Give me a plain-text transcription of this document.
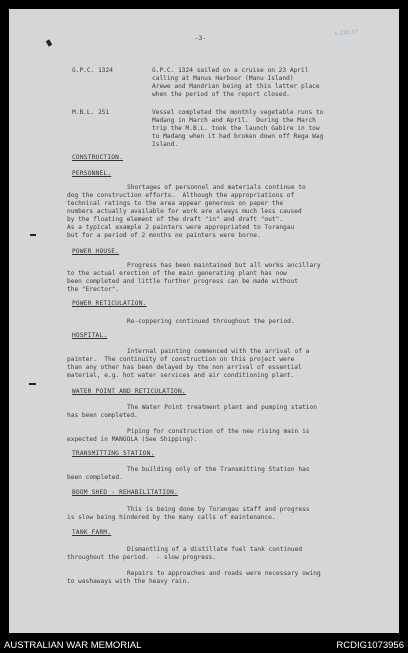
-3-
s.118.17
G.P.C. 1324	G.P.C. 1324 sailed on a cruise on 23 April
calling at Manus Harbour (Manu Island)
Arewe and Mandrian being at this latter place
when the period of the report closed.
M.B.L. 251	Vessel completed the monthly vegetable runs to
Madang in March and April.  During the March
trip the M.B.L. took the launch Gabire in tow
to Madang when it had broken down off Rega Wag
Island.
CONSTRUCTION.
PERSONNEL.
Shortages of personnel and materials continue to
dog the construction efforts.  Although the appropriations of
technical ratings to the area appear generous on paper the
numbers actually available for work are always much less caused
by the floating element of the draft "in" and draft "out".
As a typical example 2 painters were appropriated to Torangau
but for a period of 2 months no painters were borne.
POWER HOUSE.
Progress has been maintained but all works ancillary
to the actual erection of the main generating plant has now
been completed and little further progress can be made without
the "Erector".
POWER RETICULATION.
Re-coppering continued throughout the period.
HOSPITAL.
Internal painting commenced with the arrival of a
painter.  The continuity of construction on this project were
than any other has been delayed by the non arrival of essential
material, e.g. hot water services and air conditioning plant.
WATER POINT AND RETICULATION.
The Water Point treatment plant and pumping station
has been completed.
Piping for construction of the new rising main is
expected in MANGOLA (See Shipping).
TRANSMITTING STATION.
The building only of the Transmitting Station has
been completed.
BOOM SHED - REHABILITATION.
This is being done by Torangau staff and progress
is slow being hindered by the many calls of maintenance.
TANK FARM.
Dismantling of a distillate fuel tank continued
throughout the period.  - slow progress.
Repairs to approaches and roads were necessary owing
to washaways with the heavy rain.
AUSTRALIAN WAR MEMORIAL	RCDIG1073956
